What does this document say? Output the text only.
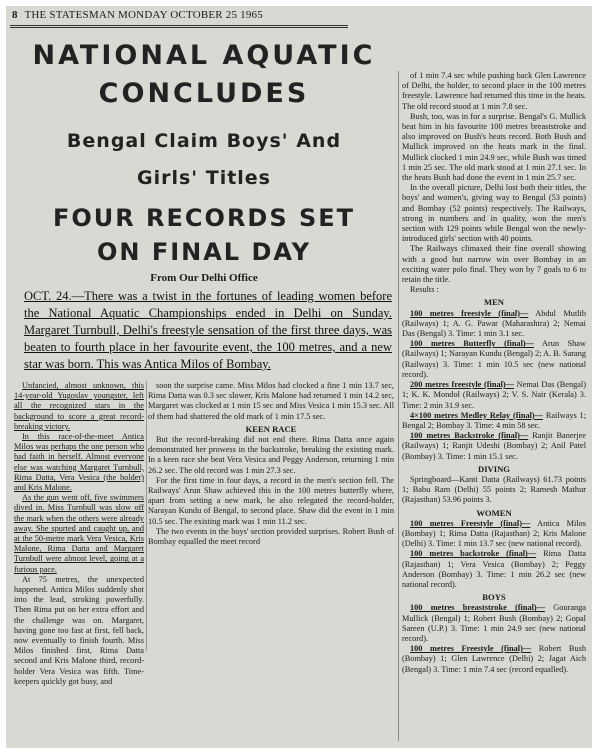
8 THE STATESMAN MONDAY OCTOBER 25 1965
NATIONAL AQUATIC
CONCLUDES
Bengal Claim Boys' And
Girls' Titles
FOUR RECORDS SET
ON FINAL DAY
From Our Delhi Office
OCT. 24.—There was a twist in the fortunes of leading women before the National Aquatic Championships ended in Delhi on Sunday. Margaret Turnbull, Delhi's freestyle sensation of the first three days, was beaten to fourth place in her favourite event, the 100 metres, and a new star was born. This was Antica Milos of Bombay.

Unfancied, almost unknown, this 14-year-old Yugoslav youngster, left all the recognized stars in the background to score a great record-breaking victory.

In this race-of-the-meet Antica Milos was perhaps the one person who had faith in herself. Almost everyone else was watching Margaret Turnbull, Rima Datta, Vera Vesica (the holder) and Kris Malone.

As the gun went off, five swimmers dived in. Miss Turnbull was slow off the mark when the others were already away. She spurted and caught up, and at the 50-metre mark Vera Vesica, Kris Malone, Rima Datta and Margaret Turnbull were almost level, going at a furious pace.

At 75 metres, the unexpected happened. Antica Milos suddenly shot into the lead, stroking powerfully. Then Rima put on her extra effort and the challenge was on. Margaret, having gone too fast at first, fell back, now eventually to finish fourth. Miss Milos finished first, Rima Datta second and Kris Malone third, record-holder Vera Vesica was fifth. Time-keepers quickly got busy, and

soon the surprise came. Miss Milos had clocked a fine 1 min 13.7 sec, Rima Datta was 0.3 sec slower, Kris Malone had returned 1 min 14.2 sec, Margaret was clocked at 1 min 15 sec and Miss Vesica 1 min 15.3 sec. All of them had shattered the old mark of 1 min 17.5 sec.

KEEN RACE

But the record-breaking did not end there. Rima Datta once again demonstrated her prowess in the backstroke, breaking the existing mark. In a keen race she beat Vera Vesica and Peggy Anderson, returning 1 min 26.2 sec. The old record was 1 min 27.3 sec.

For the first time in four days, a record in the men's section fell. The Railways' Arun Shaw achieved this in the 100 metres butterfly where, apart from setting a new mark, he also relegated the record-holder, Narayan Kundu of Bengal, to second place. Shaw did the event in 1 min 10.5 sec. The existing mark was 1 min 11.2 sec.

The two events in the boys' section provided surprises. Robert Bush of Bombay equalled the meet record

of 1 min 7.4 sec while pushing back Glen Lawrence of Delhi, the holder, to second place in the 100 metres freestyle. Lawrence had returned this time in the heats. The old record stood at 1 min 7.8 sec.

Bush, too, was in for a surprise. Bengal's G. Mullick beat him in his favourite 100 metres breaststroke and also improved on Bush's heats record. Both Bush and Mullick improved on the heats mark in the final. Mullick clocked 1 min 24.9 sec, while Bush was timed 1 min 25 sec. The old mark stood at 1 min 27.1 sec. In the heats Bush had done the event in 1 min 25.7 sec.

In the overall picture, Delhi lost both their titles, the boys' and women's, giving way to Bengal (53 points) and Bombay (52 points) respectively. The Railways, strong in numbers and in quality, won the men's section with 129 points while Bengal won the newly-introduced girls' section with 40 points.

The Railways climaxed their fine overall showing with a good but narrow win over Bombay in an exciting water polo final. They won by 7 goals to 6 to retain the title.

Results :

MEN

100 metres freestyle (final)— Abdul Mutlib (Railways) 1; A. G. Pawar (Maharashtra) 2; Nemai Das (Bengal) 3. Time: 1 min 3.1 sec.

100 metres Butterfly (final)— Arun Shaw (Railways) 1; Narayan Kundu (Bengal) 2; A. B. Sarang (Railways) 3. Time: 1 min 10.5 sec (new national record).

200 metres freestyle (final)— Nemai Das (Bengal) 1; K. K. Mondol (Railways) 2; V. S. Nair (Kerala) 3. Time: 2 min 31.9 sec.

4×100 metres Medley Relay (final)— Railways 1; Bengal 2; Bombay 3. Time: 4 min 58 sec.

100 metres Backstroke (final)— Ranjit Banerjee (Railways) 1; Ranjit Udeshi (Bombay) 2; Anil Patel (Bombay) 3. Time: 1 min 15.1 sec.

DIVING

Springboard—Kanti Datta (Railways) 61.73 points 1; Babu Ram (Delhi) 55 points 2; Ramesh Mathur (Rajasthan) 53.96 points 3.

WOMEN

100 metres Freestyle (final)— Antica Milos (Bombay) 1; Rima Datta (Rajasthan) 2; Kris Malone (Delhi) 3. Time: 1 min 13.7 sec (new national record).

100 metres backstroke (final)— Rima Datta (Rajasthan) 1; Vera Vesica (Bombay) 2; Peggy Anderson (Bombay) 3. Time: 1 min 26.2 sec (new national record).

BOYS

100 metres breaststroke (final)— Gouranga Mullick (Bengal) 1; Robert Bush (Bombay) 2; Gopal Sareen (U.P.) 3. Time: 1 min 24.9 sec (new national record).

100 metres Freestyle (final)— Robert Bush (Bombay) 1; Glen Lawrence (Delhi) 2; Jagat Aich (Bengal) 3. Time: 1 min 7.4 sec (record equalled).
